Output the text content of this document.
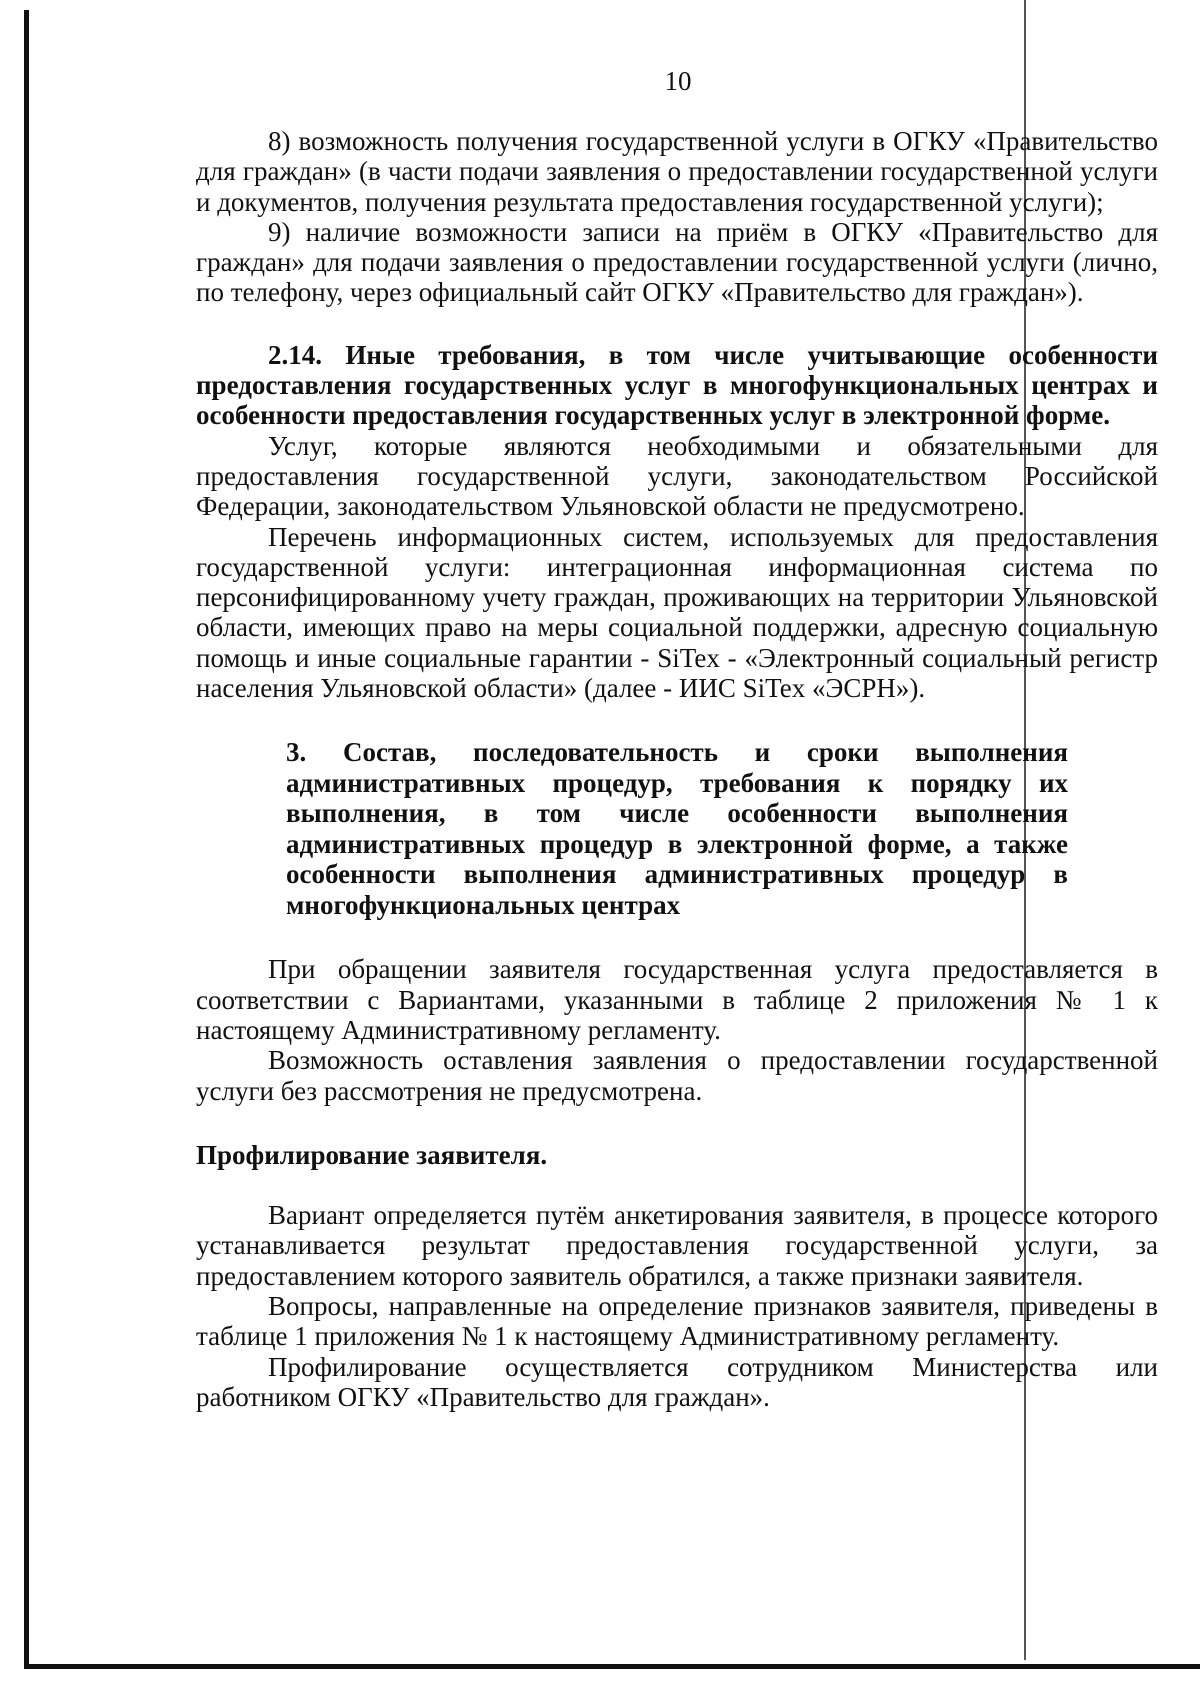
10

8) возможность получения государственной услуги в ОГКУ «Правительство для граждан» (в части подачи заявления о предоставлении государственной услуги и документов, получения результата предоставления государственной услуги);

9) наличие возможности записи на приём в ОГКУ «Правительство для граждан» для подачи заявления о предоставлении государственной услуги (лично, по телефону, через официальный сайт ОГКУ «Правительство для граждан»).

2.14. Иные требования, в том числе учитывающие особенности предоставления государственных услуг в многофункциональных центрах и особенности предоставления государственных услуг в электронной форме.

Услуг, которые являются необходимыми и обязательными для предоставления государственной услуги, законодательством Российской Федерации, законодательством Ульяновской области не предусмотрено.

Перечень информационных систем, используемых для предоставления государственной услуги: интеграционная информационная система по персонифицированному учету граждан, проживающих на территории Ульяновской области, имеющих право на меры социальной поддержки, адресную социальную помощь и иные социальные гарантии - SiTex - «Электронный социальный регистр населения Ульяновской области» (далее - ИИС SiTex «ЭСРН»).

3. Состав, последовательность и сроки выполнения административных процедур, требования к порядку их выполнения, в том числе особенности выполнения административных процедур в электронной форме, а также особенности выполнения административных процедур в многофункциональных центрах

При обращении заявителя государственная услуга предоставляется в соответствии с Вариантами, указанными в таблице 2 приложения № 1 к настоящему Административному регламенту.

Возможность оставления заявления о предоставлении государственной услуги без рассмотрения не предусмотрена.

Профилирование заявителя.

Вариант определяется путём анкетирования заявителя, в процессе которого устанавливается результат предоставления государственной услуги, за предоставлением которого заявитель обратился, а также признаки заявителя.

Вопросы, направленные на определение признаков заявителя, приведены в таблице 1 приложения № 1 к настоящему Административному регламенту.

Профилирование осуществляется сотрудником Министерства или работником ОГКУ «Правительство для граждан».
